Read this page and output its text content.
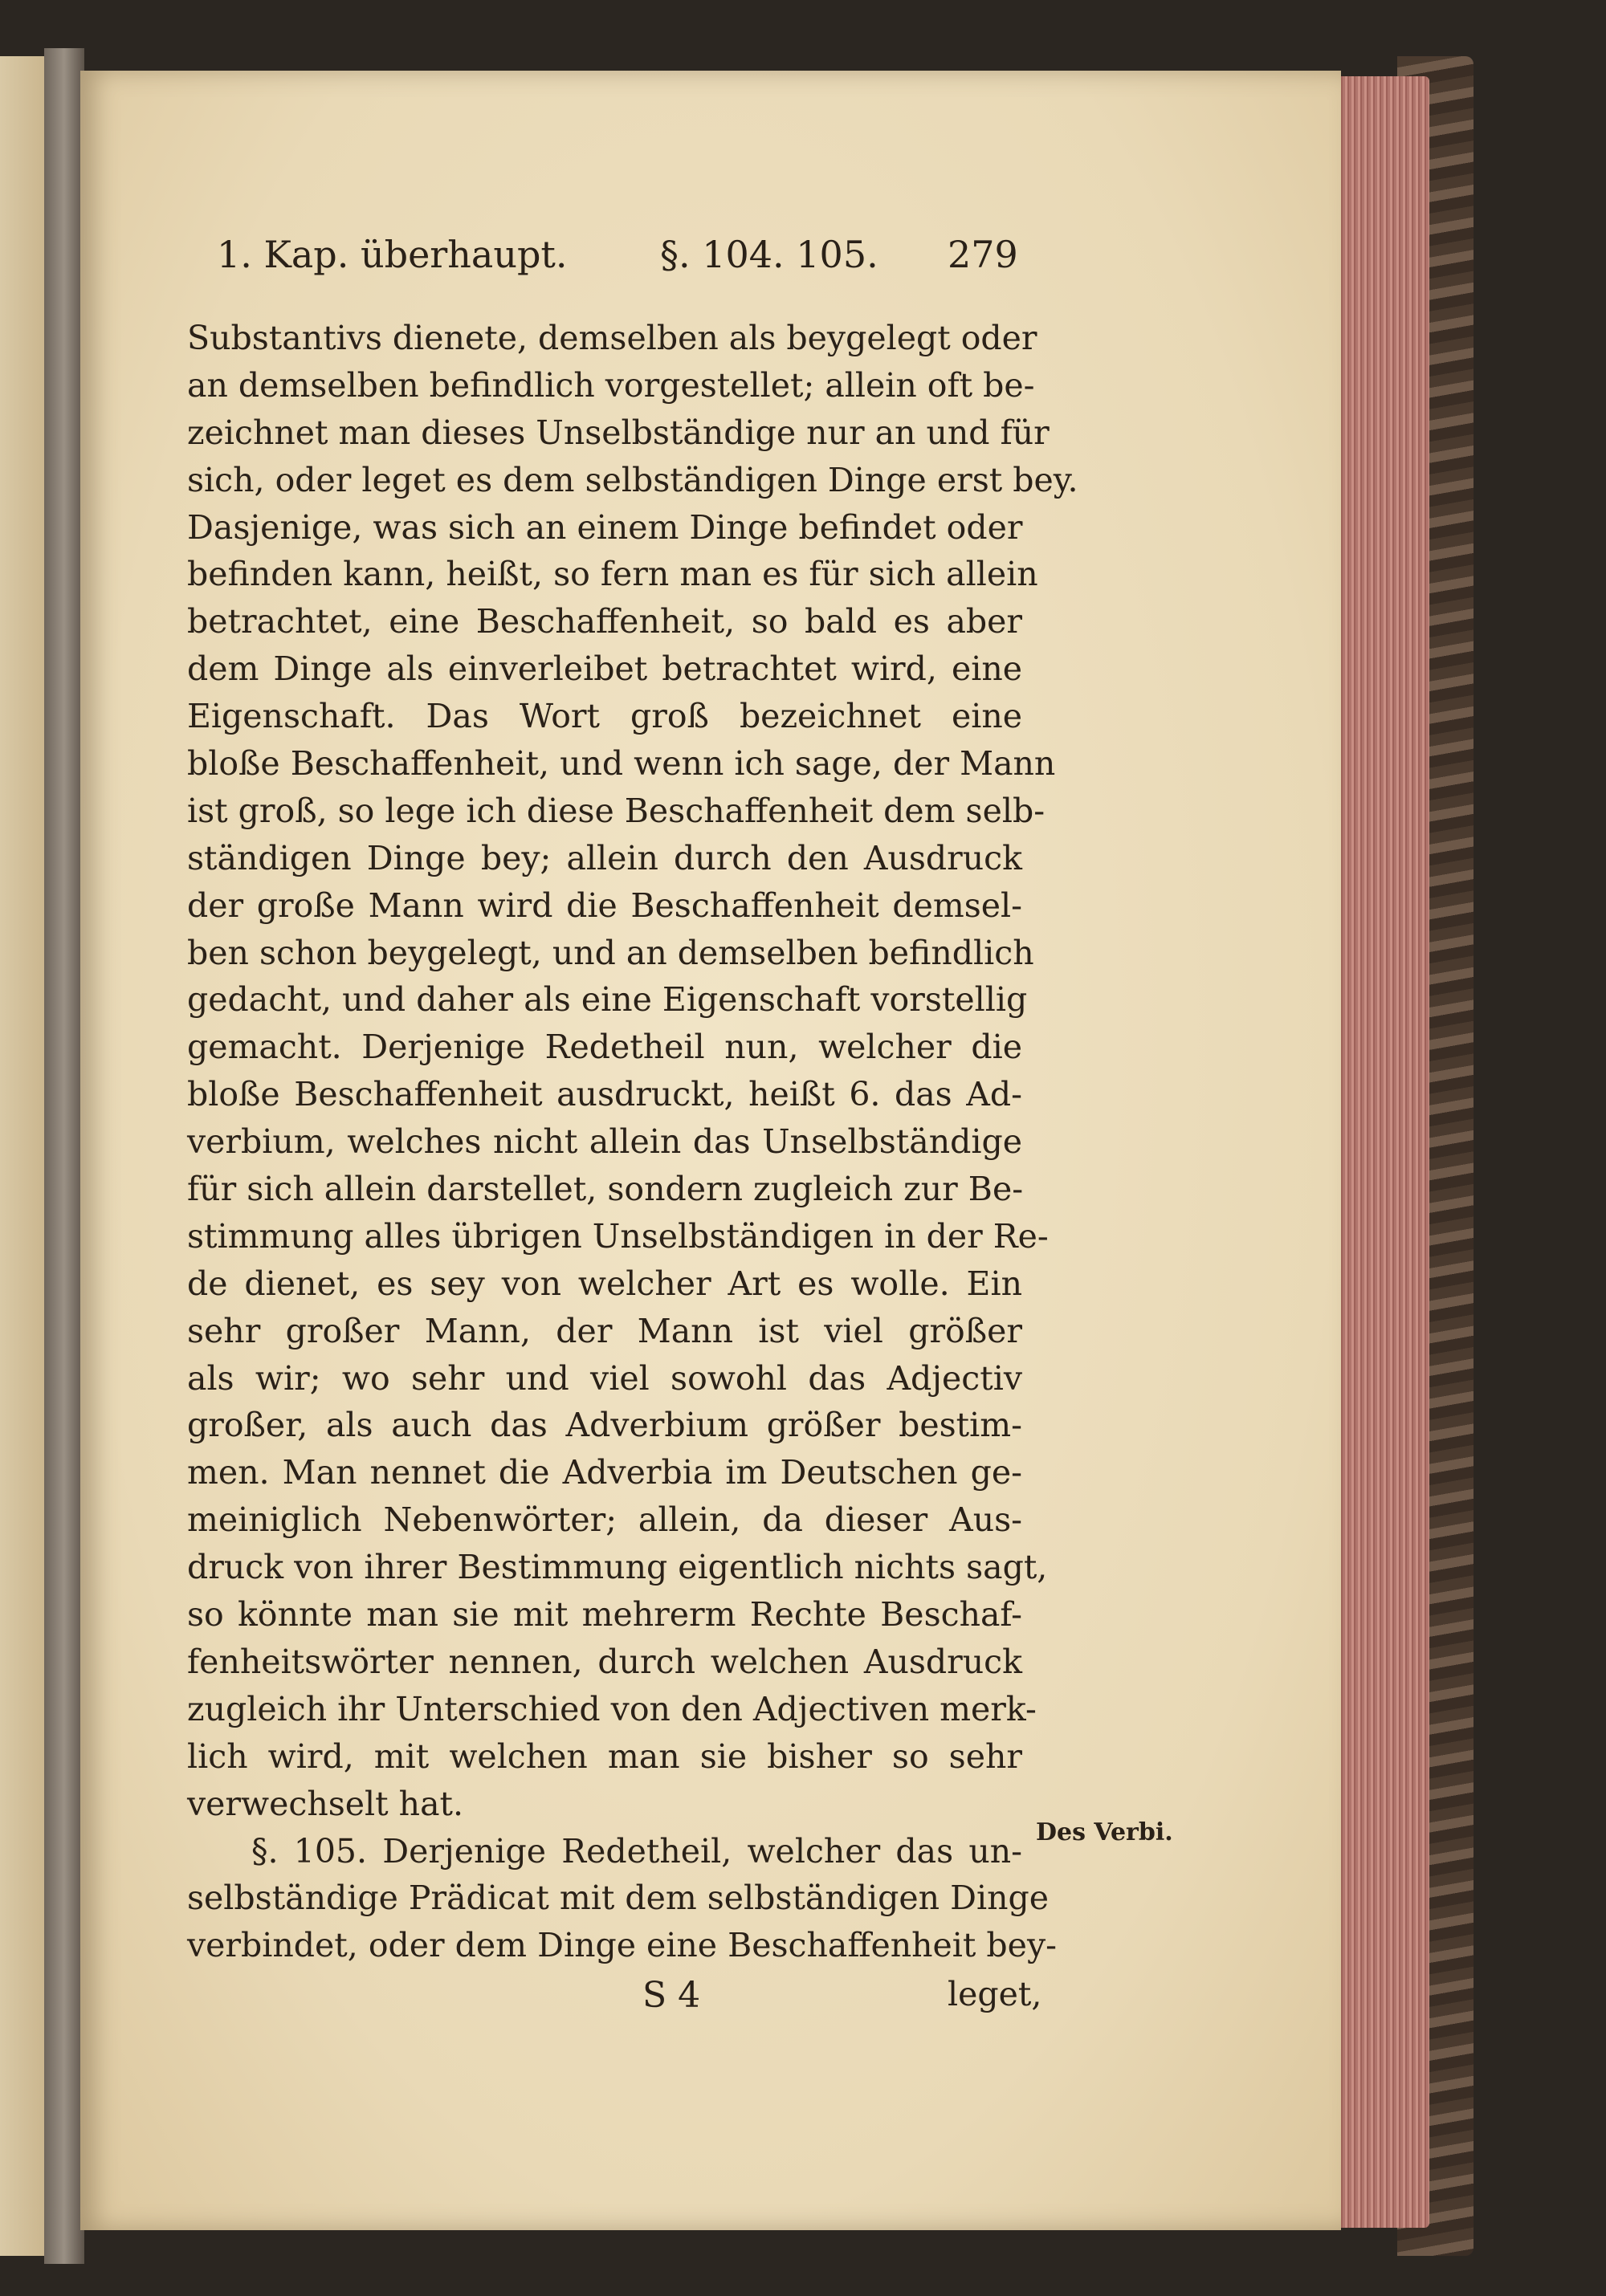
1. Kap. überhaupt.	§. 104. 105. 279
Substantivs dienete, demselben als beygelegt oder
an demselben befindlich vorgestellet; allein oft be-
zeichnet man dieses Unselbständige nur an und für
sich, oder leget es dem selbständigen Dinge erst bey.
Dasjenige, was sich an einem Dinge befindet oder
befinden kann, heißt, so fern man es für sich allein
betrachtet, eine Beschaffenheit, so bald es aber
dem Dinge als einverleibet betrachtet wird, eine
Eigenschaft. Das Wort groß bezeichnet eine
bloße Beschaffenheit, und wenn ich sage, der Mann
ist groß, so lege ich diese Beschaffenheit dem selb-
ständigen Dinge bey; allein durch den Ausdruck
der große Mann wird die Beschaffenheit demsel-
ben schon beygelegt, und an demselben befindlich
gedacht, und daher als eine Eigenschaft vorstellig
gemacht. Derjenige Redetheil nun, welcher die
bloße Beschaffenheit ausdruckt, heißt 6. das Ad-
verbium, welches nicht allein das Unselbständige
für sich allein darstellet, sondern zugleich zur Be-
stimmung alles übrigen Unselbständigen in der Re-
de dienet, es sey von welcher Art es wolle. Ein
sehr großer Mann, der Mann ist viel größer
als wir; wo sehr und viel sowohl das Adjectiv
großer, als auch das Adverbium größer bestim-
men. Man nennet die Adverbia im Deutschen ge-
meiniglich Nebenwörter; allein, da dieser Aus-
druck von ihrer Bestimmung eigentlich nichts sagt,
so könnte man sie mit mehrerm Rechte Beschaf-
fenheitswörter nennen, durch welchen Ausdruck
zugleich ihr Unterschied von den Adjectiven merk-
lich wird, mit welchen man sie bisher so sehr
verwechselt hat.
§. 105. Derjenige Redetheil, welcher das un-
selbständige Prädicat mit dem selbständigen Dinge
verbindet, oder dem Dinge eine Beschaffenheit bey-
Des Verbi.
S 4	leget,
